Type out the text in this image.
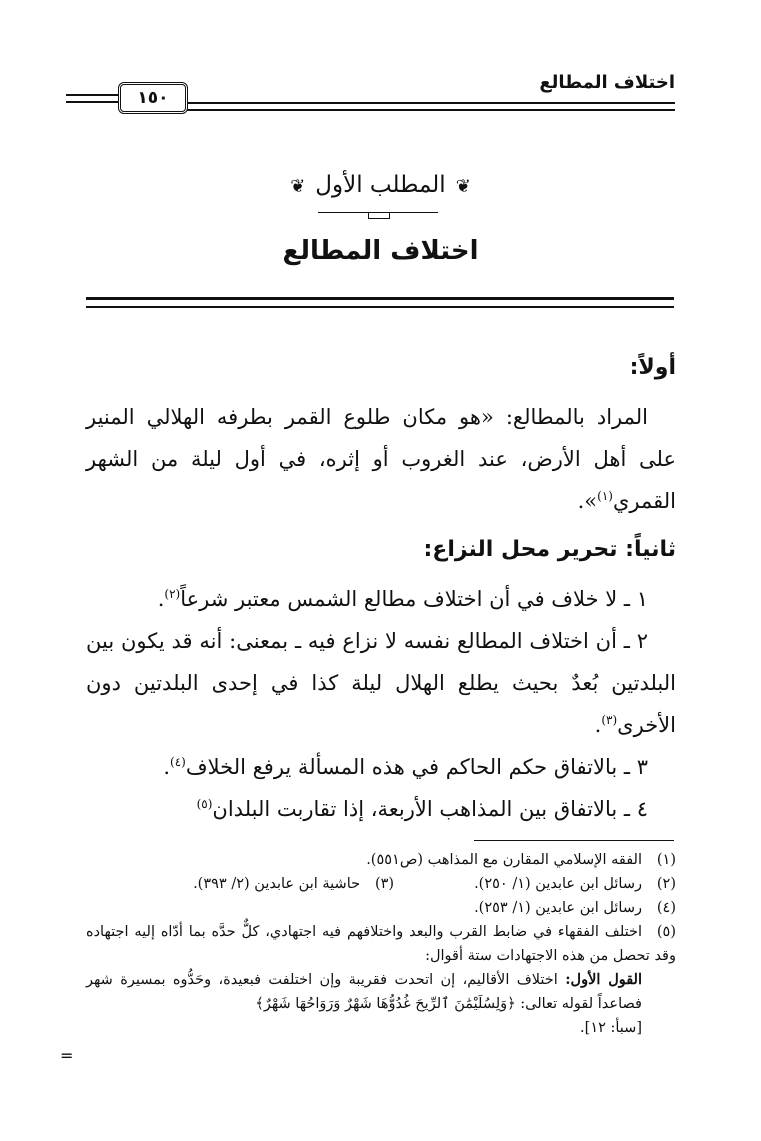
اختلاف المطالع
١٥٠
❦المطلب الأول❦
اختلاف المطالع
أولاً:

المراد بالمطالع: «هو مكان طلوع القمر بطرفه الهلالي المنير على أهل الأرض، عند الغروب أو إثره، في أول ليلة من الشهر القمري$^{(١)}$».

ثانياً: تحرير محل النزاع:

١ ـ لا خلاف في أن اختلاف مطالع الشمس معتبر شرعاً$^{(٢)}$.

٢ ـ أن اختلاف المطالع نفسه لا نزاع فيه ـ بمعنى: أنه قد يكون بين البلدتين بُعدٌ بحيث يطلع الهلال ليلة كذا في إحدى البلدتين دون الأخرى$^{(٣)}$.

٣ ـ بالاتفاق حكم الحاكم في هذه المسألة يرفع الخلاف$^{(٤)}$.

٤ ـ بالاتفاق بين المذاهب الأربعة، إذا تقاربت البلدان$^{(٥)}$

(١)الفقه الإسلامي المقارن مع المذاهب (ص٥٥١).

(٢)رسائل ابن عابدين (١/ ٢٥٠).(٣)حاشية ابن عابدين (٢/ ٣٩٣).

(٤)رسائل ابن عابدين (١/ ٢٥٣).

(٥)اختلف الفقهاء في ضابط القرب والبعد واختلافهم فيه اجتهادي، كلٌّ حدَّه بما أدّاه إليه اجتهاده وقد تحصل من هذه الاجتهادات ستة أقوال:

القول الأول: اختلاف الأقاليم، إن اتحدت فقريبة وإن اختلفت فبعيدة، وحَدُّوه بمسيرة شهر فصاعداً لقوله تعالى: ﴿وَلِسُلَيْمَٰنَ ٱلرِّيحَ غُدُوُّهَا شَهْرٌ وَرَوَاحُهَا شَهْرٌ﴾

[سبأ: ١٢].

=
